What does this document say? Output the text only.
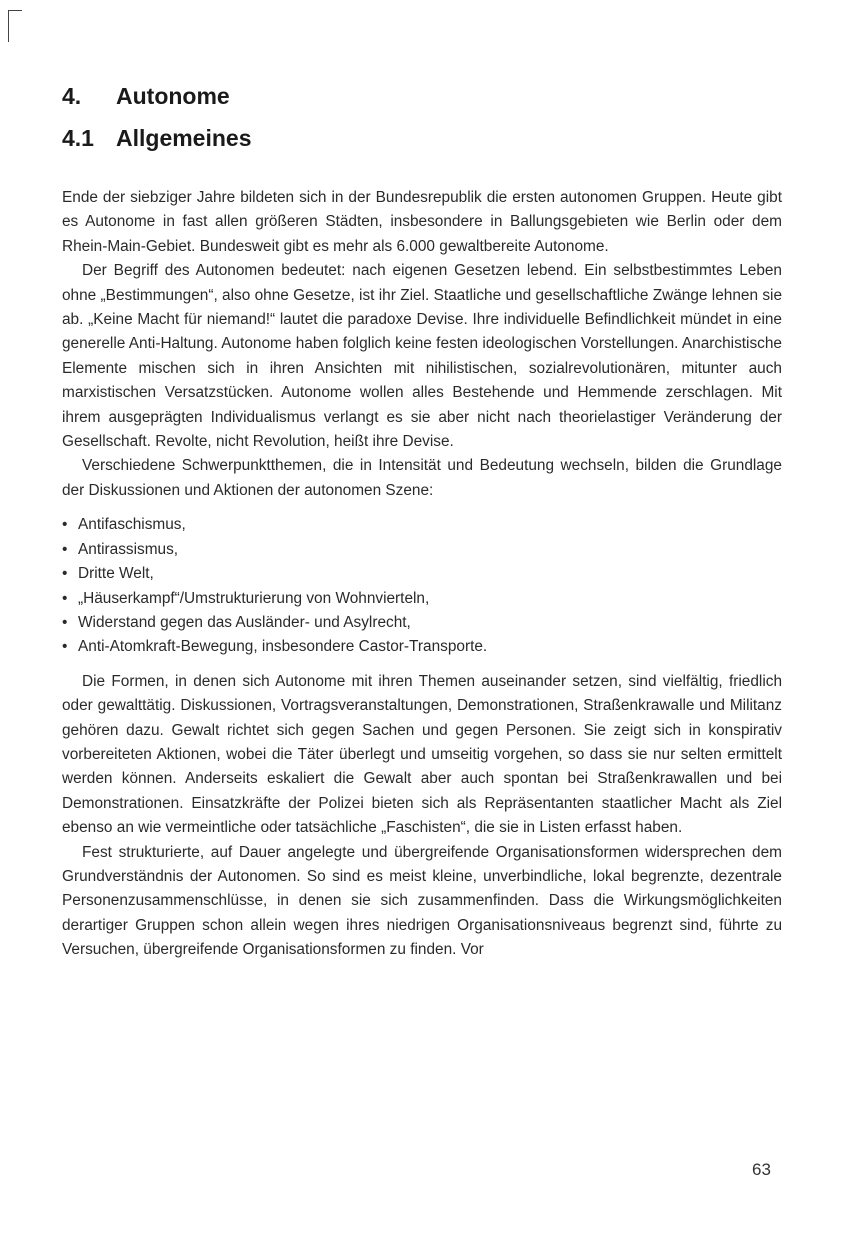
4.	Autonome
4.1 Allgemeines

Ende der siebziger Jahre bildeten sich in der Bundesrepublik die ersten autonomen Gruppen. Heute gibt es Autonome in fast allen größeren Städten, insbesondere in Ballungsgebieten wie Berlin oder dem Rhein-Main-Gebiet. Bundesweit gibt es mehr als 6.000 gewaltbereite Autonome.

Der Begriff des Autonomen bedeutet: nach eigenen Gesetzen lebend. Ein selbstbestimmtes Leben ohne „Bestimmungen“, also ohne Gesetze, ist ihr Ziel. Staatliche und gesellschaftliche Zwänge lehnen sie ab. „Keine Macht für niemand!“ lautet die paradoxe Devise. Ihre individuelle Befindlichkeit mündet in eine generelle Anti-Haltung. Autonome haben folglich keine festen ideologischen Vorstellungen. Anarchistische Elemente mischen sich in ihren Ansichten mit nihilistischen, sozialrevolutionären, mitunter auch marxistischen Versatzstücken. Autonome wollen alles Bestehende und Hemmende zerschlagen. Mit ihrem ausgeprägten Individualismus verlangt es sie aber nicht nach theorielastiger Veränderung der Gesellschaft. Revolte, nicht Revolution, heißt ihre Devise.

Verschiedene Schwerpunktthemen, die in Intensität und Bedeutung wechseln, bilden die Grundlage der Diskussionen und Aktionen der autonomen Szene:

• Antifaschismus,
• Antirassismus,
• Dritte Welt,
• „Häuserkampf“/Umstrukturierung von Wohnvierteln,
• Widerstand gegen das Ausländer- und Asylrecht,
• Anti-Atomkraft-Bewegung, insbesondere Castor-Transporte.

Die Formen, in denen sich Autonome mit ihren Themen auseinander setzen, sind vielfältig, friedlich oder gewalttätig. Diskussionen, Vortragsveranstaltungen, Demonstrationen, Straßenkrawalle und Militanz gehören dazu. Gewalt richtet sich gegen Sachen und gegen Personen. Sie zeigt sich in konspirativ vorbereiteten Aktionen, wobei die Täter überlegt und umseitig vorgehen, so dass sie nur selten ermittelt werden können. Anderseits eskaliert die Gewalt aber auch spontan bei Straßenkrawallen und bei Demonstrationen. Einsatzkräfte der Polizei bieten sich als Repräsentanten staatlicher Macht als Ziel ebenso an wie vermeintliche oder tatsächliche „Faschisten“, die sie in Listen erfasst haben.

Fest strukturierte, auf Dauer angelegte und übergreifende Organisationsformen widersprechen dem Grundverständnis der Autonomen. So sind es meist kleine, unverbindliche, lokal begrenzte, dezentrale Personenzusammenschlüsse, in denen sie sich zusammenfinden. Dass die Wirkungsmöglichkeiten derartiger Gruppen schon allein wegen ihres niedrigen Organisationsniveaus begrenzt sind, führte zu Versuchen, übergreifende Organisationsformen zu finden. Vor

63
